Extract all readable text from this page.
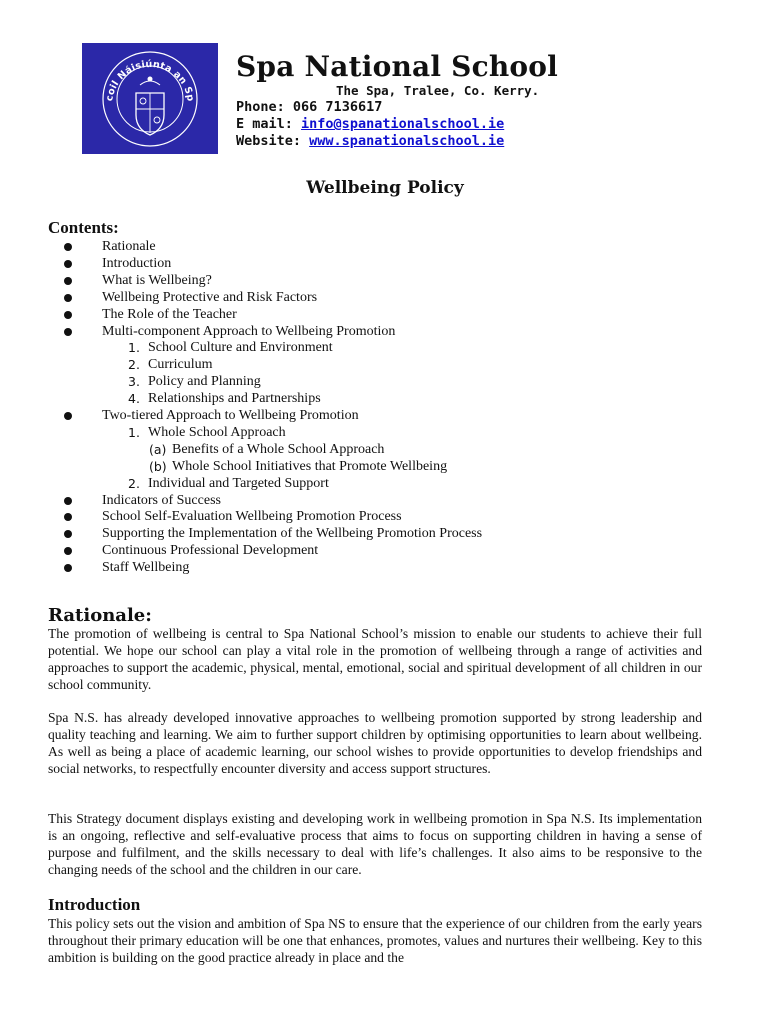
coil Náisiúnta an Sp
Spa National School
The Spa, Tralee, Co. Kerry.
Phone: 066 7136617
E mail: info@spanationalschool.ie
Website: www.spanationalschool.ie
Wellbeing Policy
Contents:
Rationale
Introduction
What is Wellbeing?
Wellbeing Protective and Risk Factors
The Role of the Teacher
Multi-component Approach to Wellbeing Promotion
1. School Culture and Environment
2. Curriculum
3. Policy and Planning
4. Relationships and Partnerships
Two-tiered Approach to Wellbeing Promotion
1. Whole School Approach
(a) Benefits of a Whole School Approach
(b) Whole School Initiatives that Promote Wellbeing
2. Individual and Targeted Support
Indicators of Success
School Self-Evaluation Wellbeing Promotion Process
Supporting the Implementation of the Wellbeing Promotion Process
Continuous Professional Development
Staff Wellbeing
Rationale:
The promotion of wellbeing is central to Spa National School’s mission to enable our students to achieve their full potential. We hope our school can play a vital role in the promotion of wellbeing through a range of activities and approaches to support the academic, physical, mental, emotional, social and spiritual development of all children in our school community.
Spa N.S. has already developed innovative approaches to wellbeing promotion supported by strong leadership and quality teaching and learning. We aim to further support children by optimising opportunities to learn about wellbeing. As well as being a place of academic learning, our school wishes to provide opportunities to develop friendships and social networks, to respectfully encounter diversity and access support structures.
This Strategy document displays existing and developing work in wellbeing promotion in Spa N.S. Its implementation is an ongoing, reflective and self-evaluative process that aims to focus on supporting children in having a sense of purpose and fulfilment, and the skills necessary to deal with life’s challenges. It also aims to be responsive to the changing needs of the school and the children in our care.
Introduction
This policy sets out the vision and ambition of Spa NS to ensure that the experience of our children from the early years throughout their primary education will be one that enhances, promotes, values and nurtures their wellbeing. Key to this ambition is building on the good practice already in place and the
